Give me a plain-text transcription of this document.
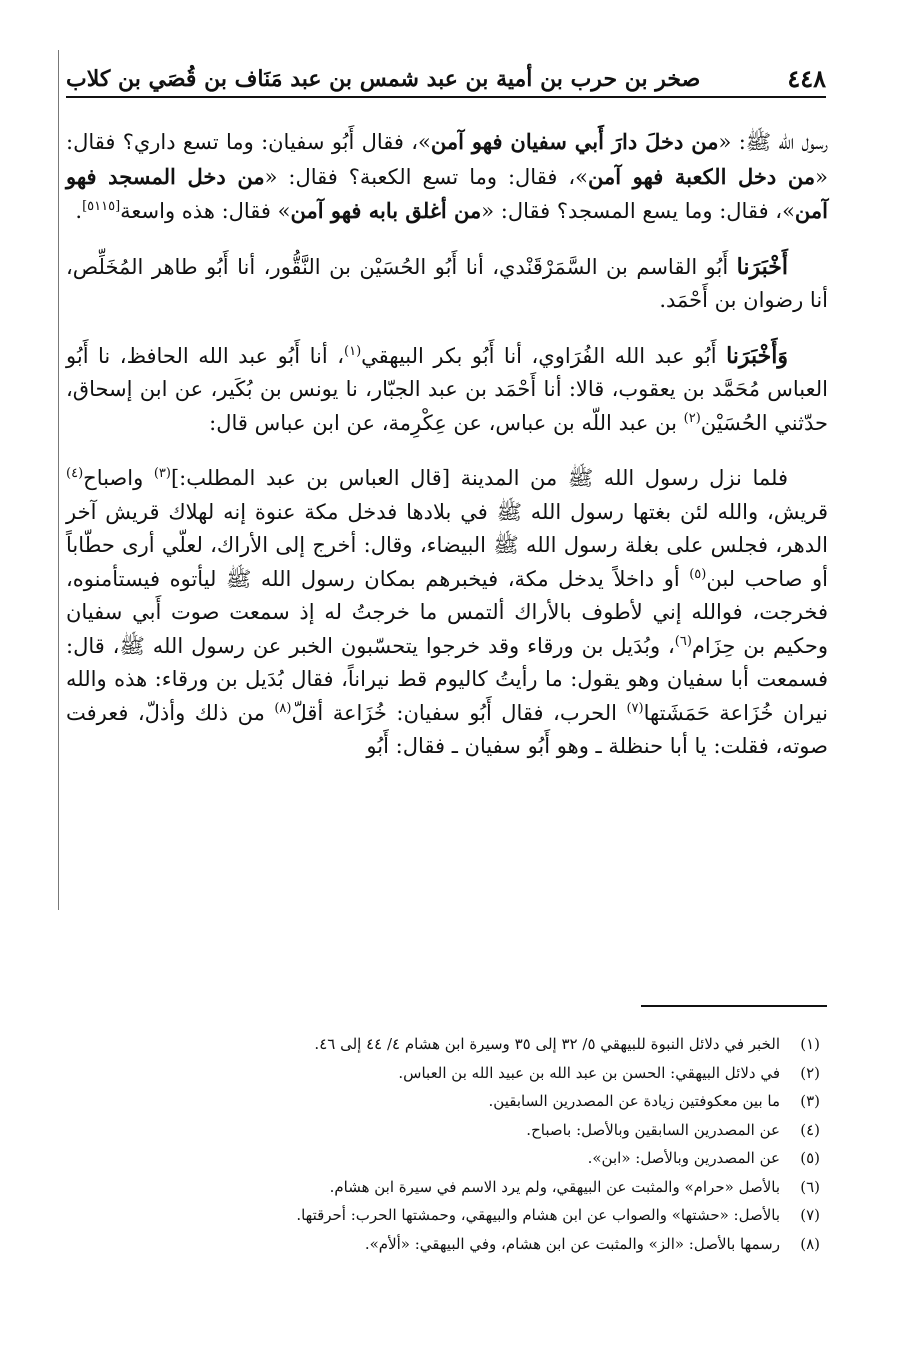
٤٤٨
صخر بن حرب بن أمية بن عبد شمس بن عبد مَنَاف بن قُصَي بن كلاب

رسول الله ﷺ: «من دخلَ دارَ أَبي سفيان فهو آمن»، فقال أَبُو سفيان: وما تسع داري؟ فقال: «من دخل الكعبة فهو آمن»، فقال: وما تسع الكعبة؟ فقال: «من دخل المسجد فهو آمن»، فقال: وما يسع المسجد؟ فقال: «من أغلق بابه فهو آمن» فقال: هذه واسعة[٥١١٥].

أَخْبَرَنا أَبُو القاسم بن السَّمَرْقَنْدي، أنا أَبُو الحُسَيْن بن النَّقُّور، أنا أَبُو طاهر المُخَلِّص، أنا رضوان بن أَحْمَد.

وَأَخْبَرَنا أَبُو عبد الله الفُرَاوي، أنا أَبُو بكر البيهقي$^{(١)}$، أنا أَبُو عبد الله الحافظ، نا أَبُو العباس مُحَمَّد بن يعقوب، قالا: أنا أَحْمَد بن عبد الجبّار، نا يونس بن بُكَير، عن ابن إسحاق، حدّثني الحُسَيْن$^{(٢)}$ بن عبد اللّه بن عباس، عن عِكْرِمة، عن ابن عباس قال:

فلما نزل رسول الله ﷺ من المدينة [قال العباس بن عبد المطلب:]$^{(٣)}$ واصباح$^{(٤)}$ قريش، والله لئن بغتها رسول الله ﷺ في بلادها فدخل مكة عنوة إنه لهلاك قريش آخر الدهر، فجلس على بغلة رسول الله ﷺ البيضاء، وقال: أخرج إلى الأراك، لعلّي أرى حطّاباً أو صاحب لبن$^{(٥)}$ أو داخلاً يدخل مكة، فيخبرهم بمكان رسول الله ﷺ ليأتوه فيستأمنوه، فخرجت، فوالله إني لأطوف بالأراك ألتمس ما خرجتُ له إذ سمعت صوت أَبي سفيان وحكيم بن حِزَام$^{(٦)}$، وبُدَيل بن ورقاء وقد خرجوا يتحسّبون الخبر عن رسول الله ﷺ، قال: فسمعت أبا سفيان وهو يقول: ما رأيتُ كاليوم قط نيراناً، فقال بُدَيل بن ورقاء: هذه والله نيران خُزَاعة حَمَشَتها$^{(٧)}$ الحرب، فقال أَبُو سفيان: خُزَاعة أقلّ$^{(٨)}$ من ذلك وأذلّ، فعرفت صوته، فقلت: يا أبا حنظلة ـ وهو أَبُو سفيان ـ فقال: أَبُو

(١)الخبر في دلائل النبوة للبيهقي ٥/ ٣٢ إلى ٣٥ وسيرة ابن هشام ٤/ ٤٤ إلى ٤٦.
(٢)في دلائل البيهقي: الحسن بن عبد الله بن عبيد الله بن العباس.
(٣)ما بين معكوفتين زيادة عن المصدرين السابقين.
(٤)عن المصدرين السابقين وبالأصل: باصباح.
(٥)عن المصدرين وبالأصل: «ابن».
(٦)بالأصل «حرام» والمثبت عن البيهقي، ولم يرد الاسم في سيرة ابن هشام.
(٧)بالأصل: «حشتها» والصواب عن ابن هشام والبيهقي، وحمشتها الحرب: أحرقتها.
(٨)رسمها بالأصل: «الز» والمثبت عن ابن هشام، وفي البيهقي: «ألأم».
